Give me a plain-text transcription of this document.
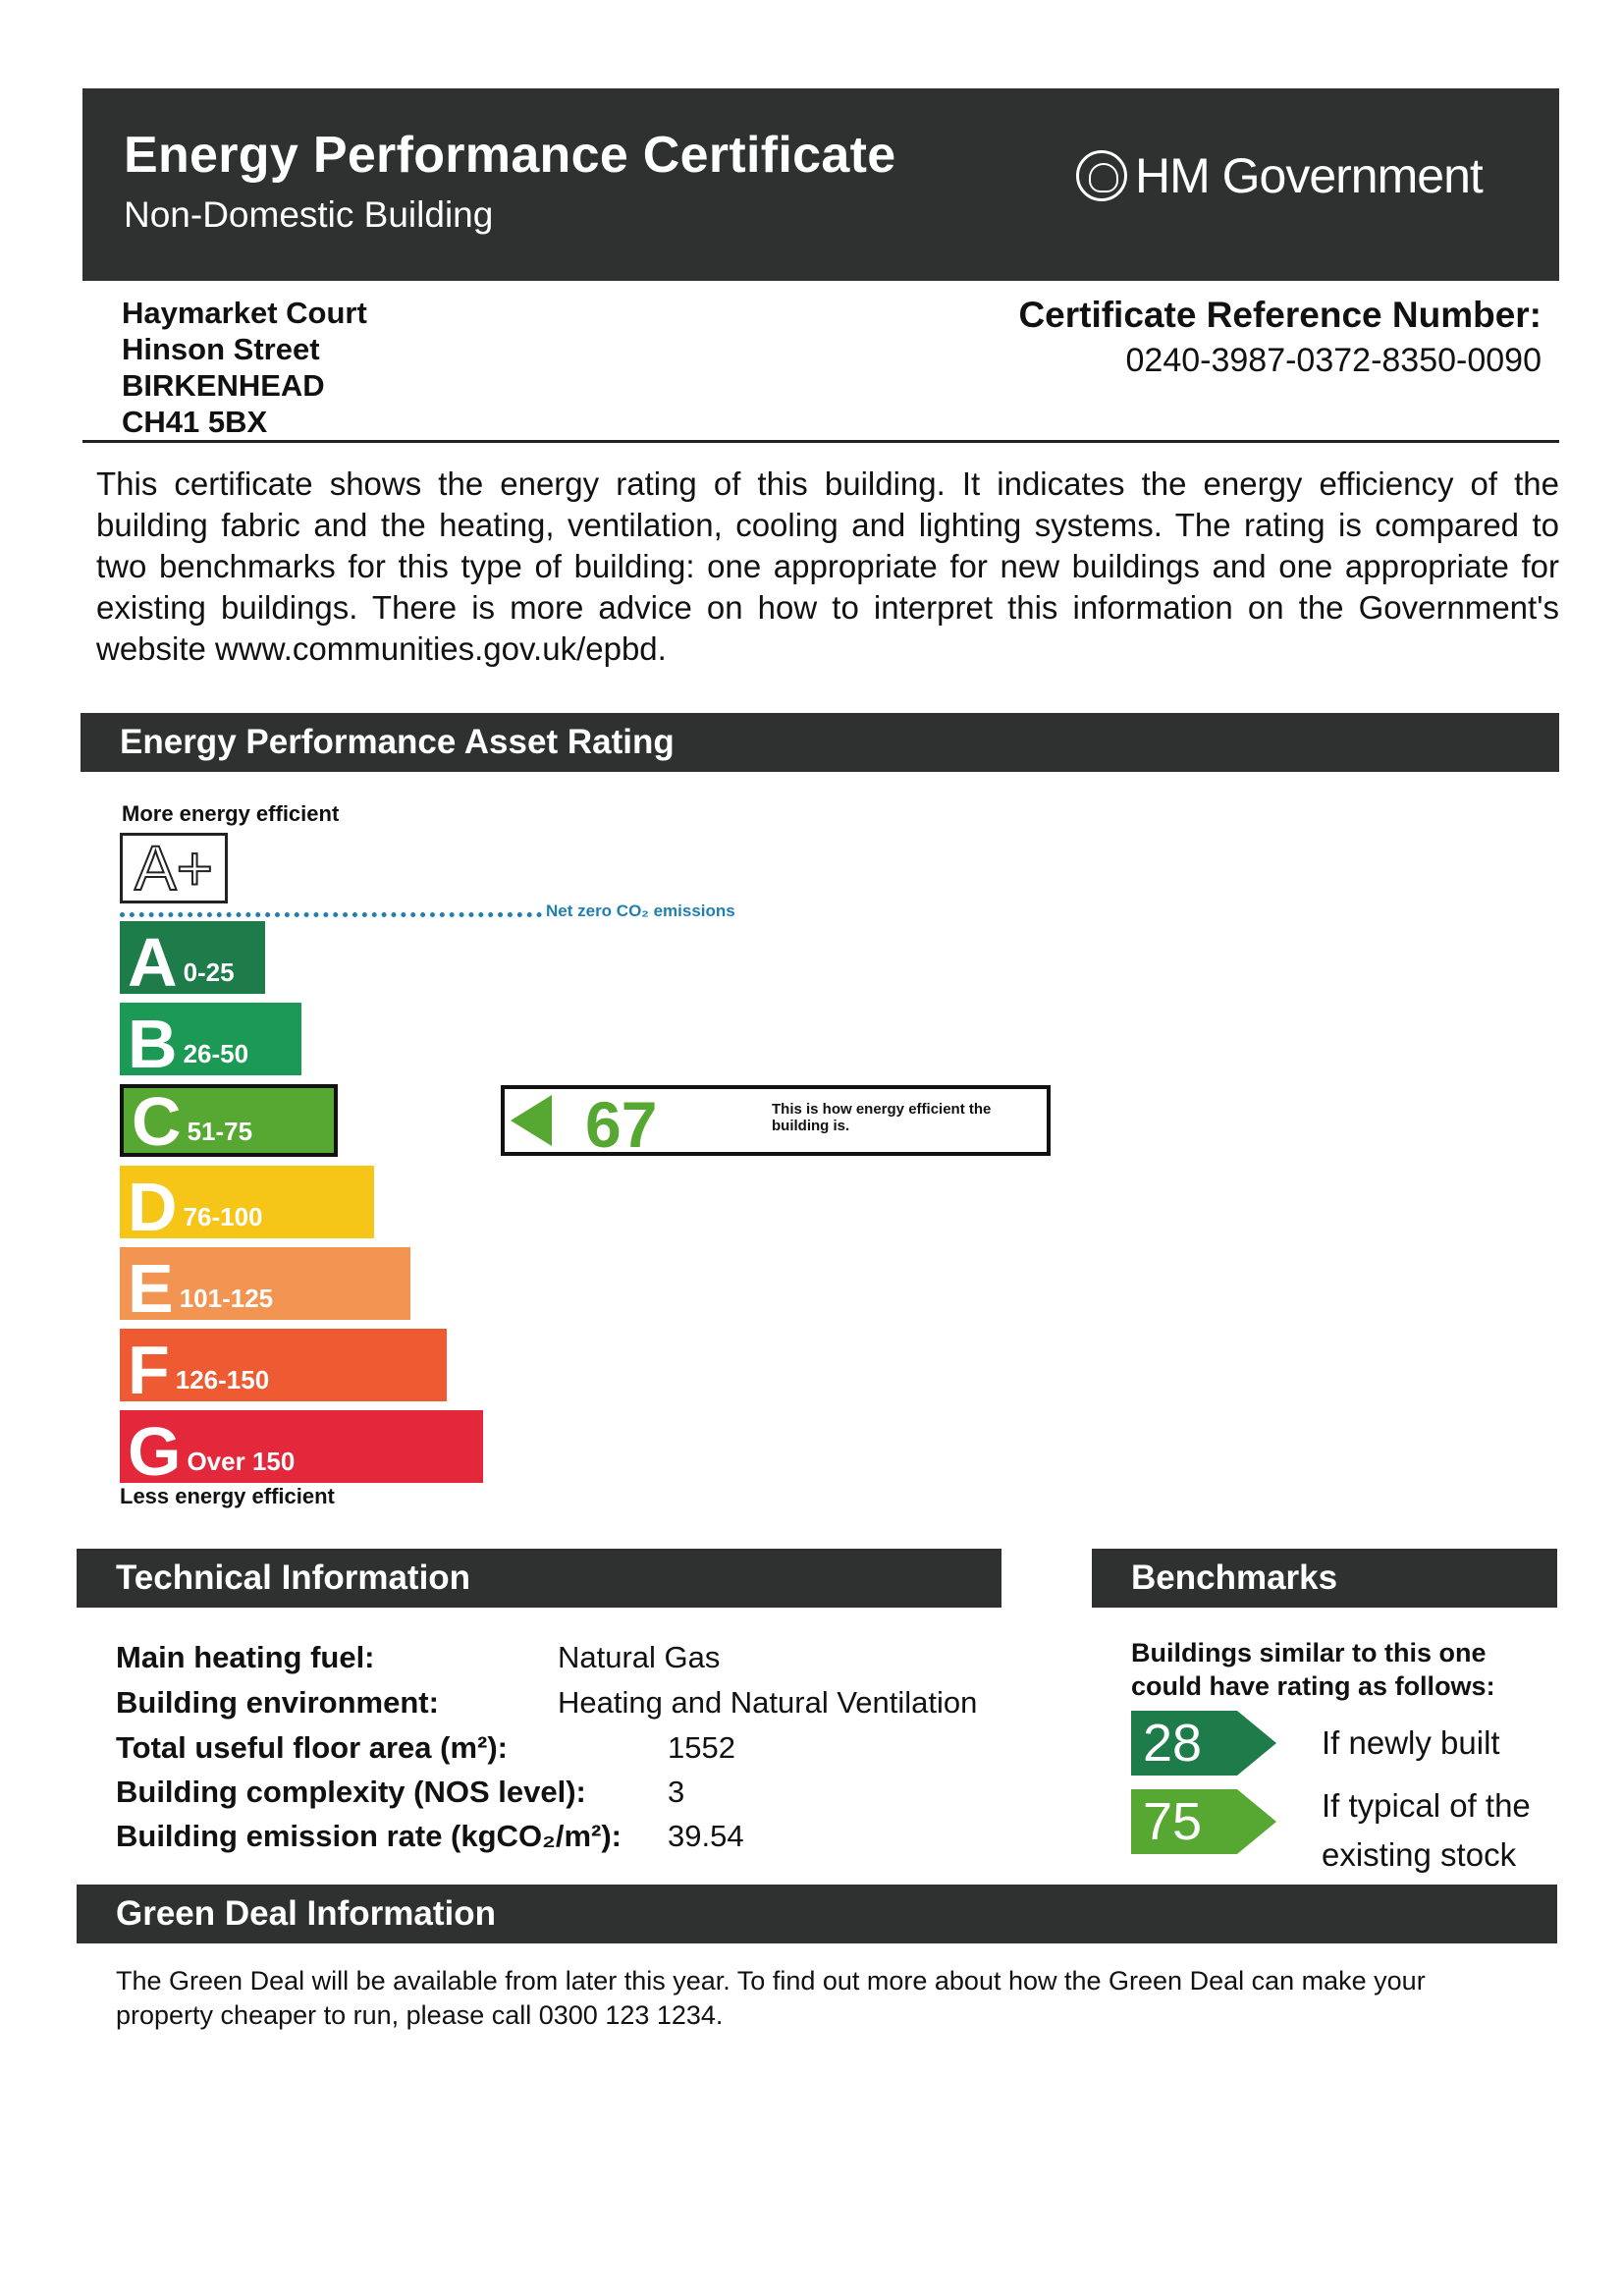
Energy Performance Certificate
Non-Domestic Building
HM Government
Haymarket Court
Hinson Street
BIRKENHEAD
CH41 5BX
Certificate Reference Number:
0240-3987-0372-8350-0090
This certificate shows the energy rating of this building. It indicates the energy efficiency of the building fabric and the heating, ventilation, cooling and lighting systems. The rating is compared to two benchmarks for this type of building: one appropriate for new buildings and one appropriate for existing buildings. There is more advice on how to interpret this information on the Government's website www.communities.gov.uk/epbd.
Energy Performance Asset Rating
More energy efficient
A+
Net zero CO₂ emissions
A 0-25
B 26-50
C 51-75
D 76-100
E 101-125
F 126-150
G Over 150
Less energy efficient
67	This is how energy efficient the building is.
Technical Information
Main heating fuel:	Natural Gas
Building environment:	Heating and Natural Ventilation
Total useful floor area (m²):	1552
Building complexity (NOS level):	3
Building emission rate (kgCO₂/m²): 39.54
Benchmarks
Buildings similar to this one could have rating as follows:
28	If newly built
75	If typical of the existing stock
Green Deal Information
The Green Deal will be available from later this year. To find out more about how the Green Deal can make your property cheaper to run, please call 0300 123 1234.
